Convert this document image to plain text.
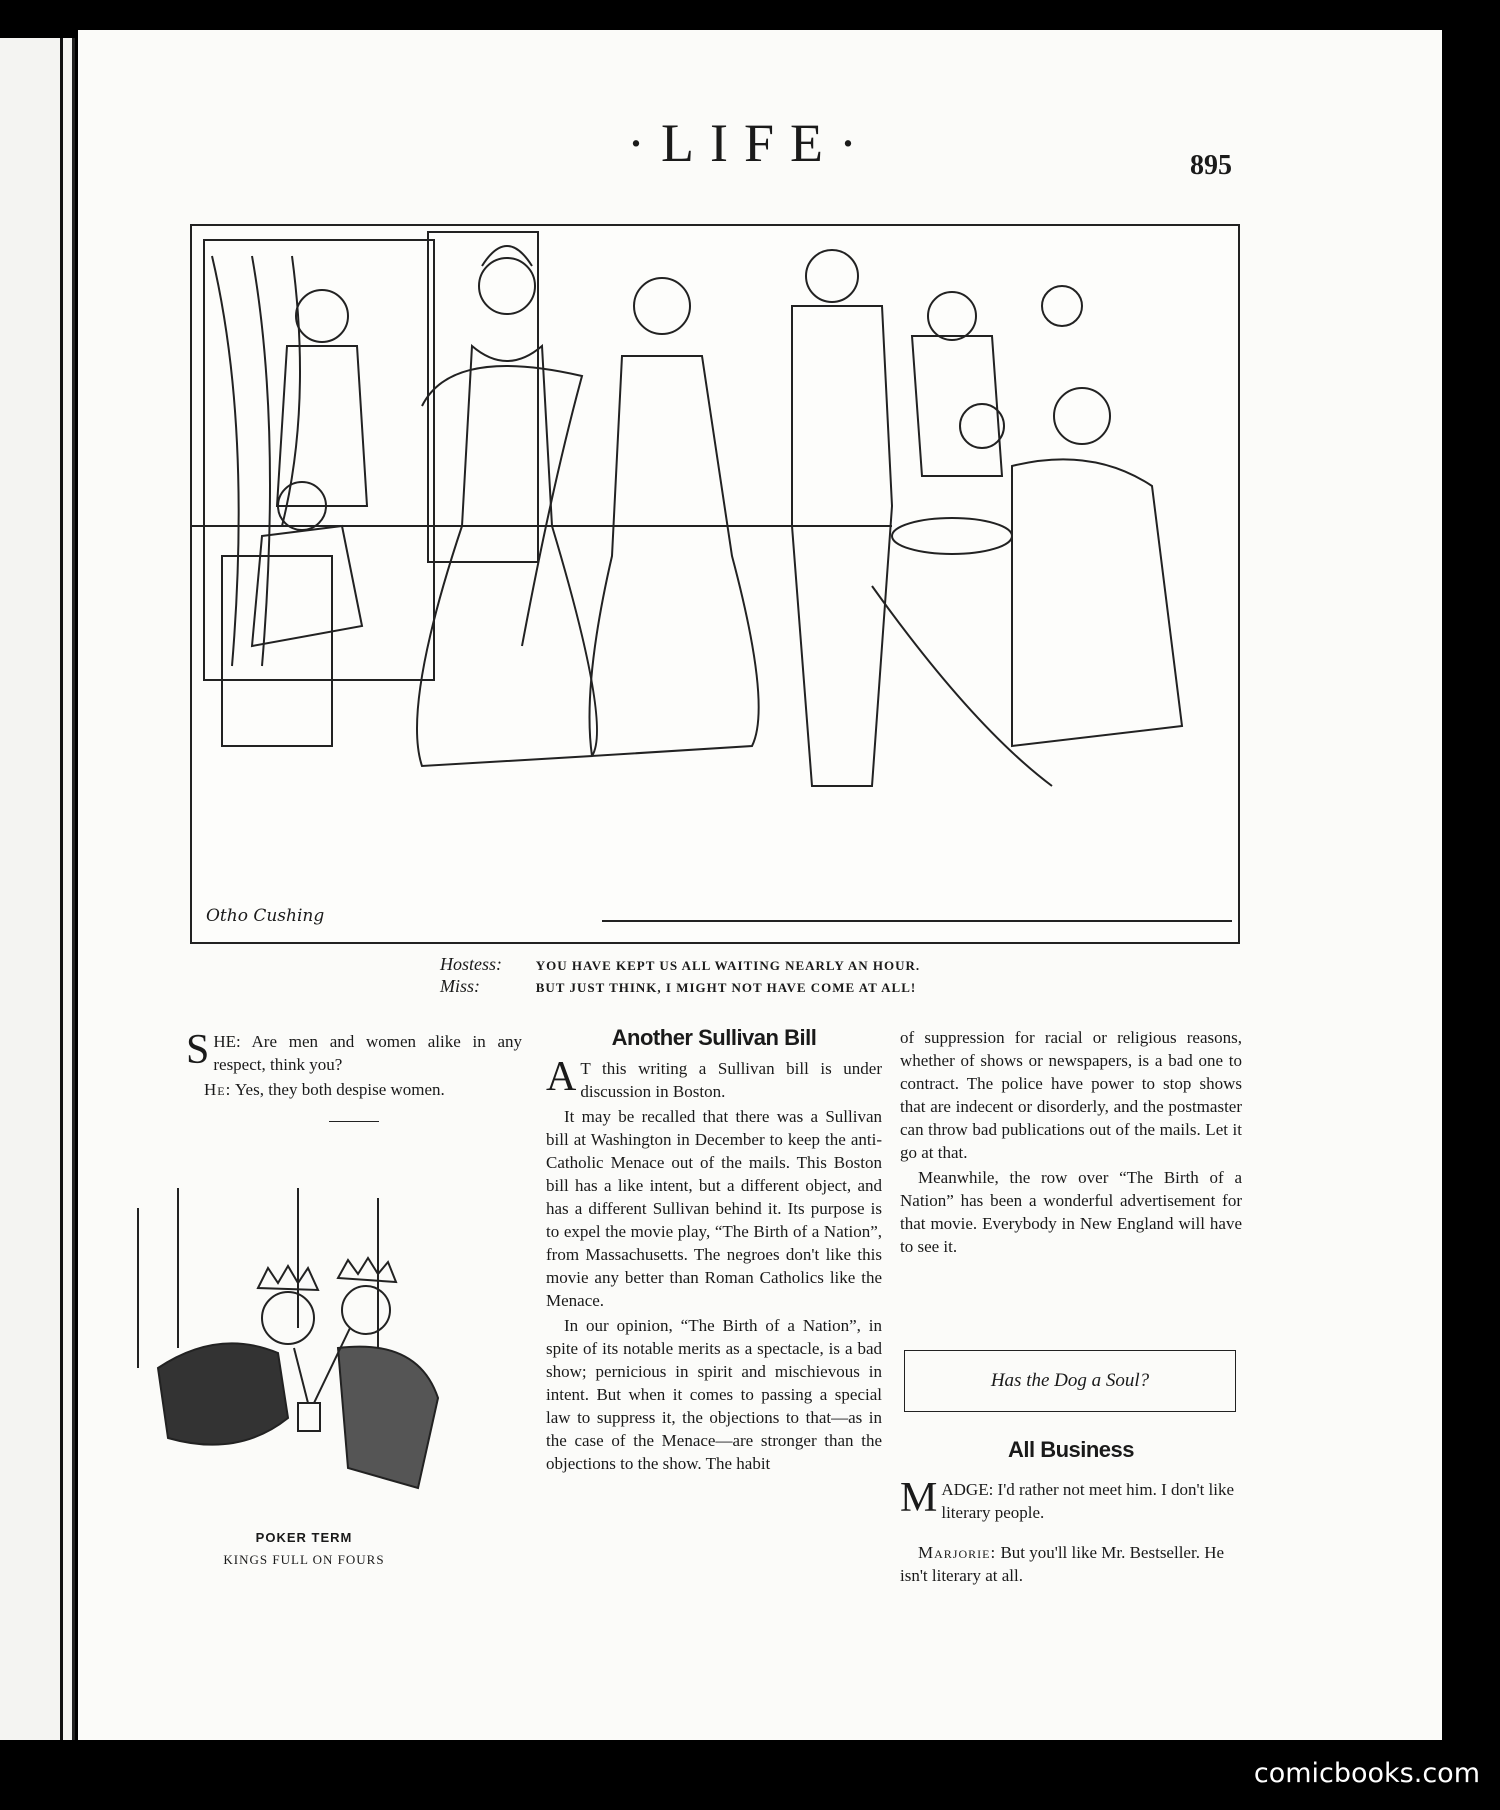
·LIFE·	895
Otho Cushing
Hostess:	YOU HAVE KEPT US ALL WAITING NEARLY AN HOUR.
Miss:	BUT JUST THINK, I MIGHT NOT HAVE COME AT ALL!

SHE: Are men and women alike in any respect, think you?

He: Yes, they both despise women.

POKER TERM
KINGS FULL ON FOURS
Another Sullivan Bill

A T this writing a Sullivan bill is under discussion in Boston.

It may be recalled that there was a Sullivan bill at Washington in December to keep the anti-Catholic Menace out of the mails. This Boston bill has a like intent, but a different object, and has a different Sullivan behind it. Its purpose is to expel the movie play, “The Birth of a Nation”, from Massachusetts. The negroes don't like this movie any better than Roman Catholics like the Menace.

In our opinion, “The Birth of a Nation”, in spite of its notable merits as a spectacle, is a bad show; pernicious in spirit and mischievous in intent. But when it comes to passing a special law to suppress it, the objections to that—as in the case of the Menace—are stronger than the objections to the show. The habit

of suppression for racial or religious reasons, whether of shows or newspapers, is a bad one to contract. The police have power to stop shows that are indecent or disorderly, and the postmaster can throw bad publications out of the mails. Let it go at that.

Meanwhile, the row over “The Birth of a Nation” has been a wonderful advertisement for that movie. Everybody in New England will have to see it.

Has the Dog a Soul?
All Business

MADGE: I'd rather not meet him. I don't like literary people.

Marjorie: But you'll like Mr. Bestseller. He isn't literary at all.

comicbooks.com
